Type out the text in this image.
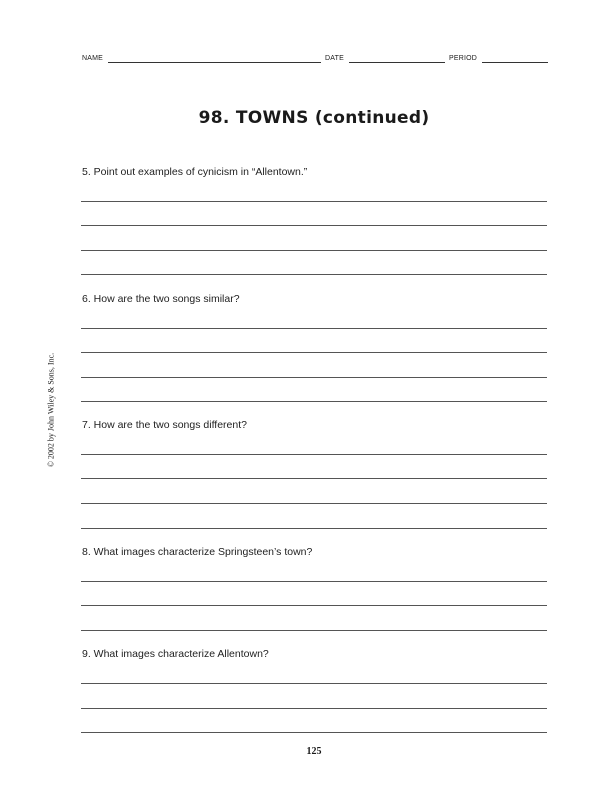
NAME	DATE	PERIOD
98. TOWNS (continued)
5. Point out examples of cynicism in “Allentown.”
6. How are the two songs similar?
7. How are the two songs different?
8. What images characterize Springsteen’s town?
9. What images characterize Allentown?
© 2002 by John Wiley & Sons, Inc.
125
